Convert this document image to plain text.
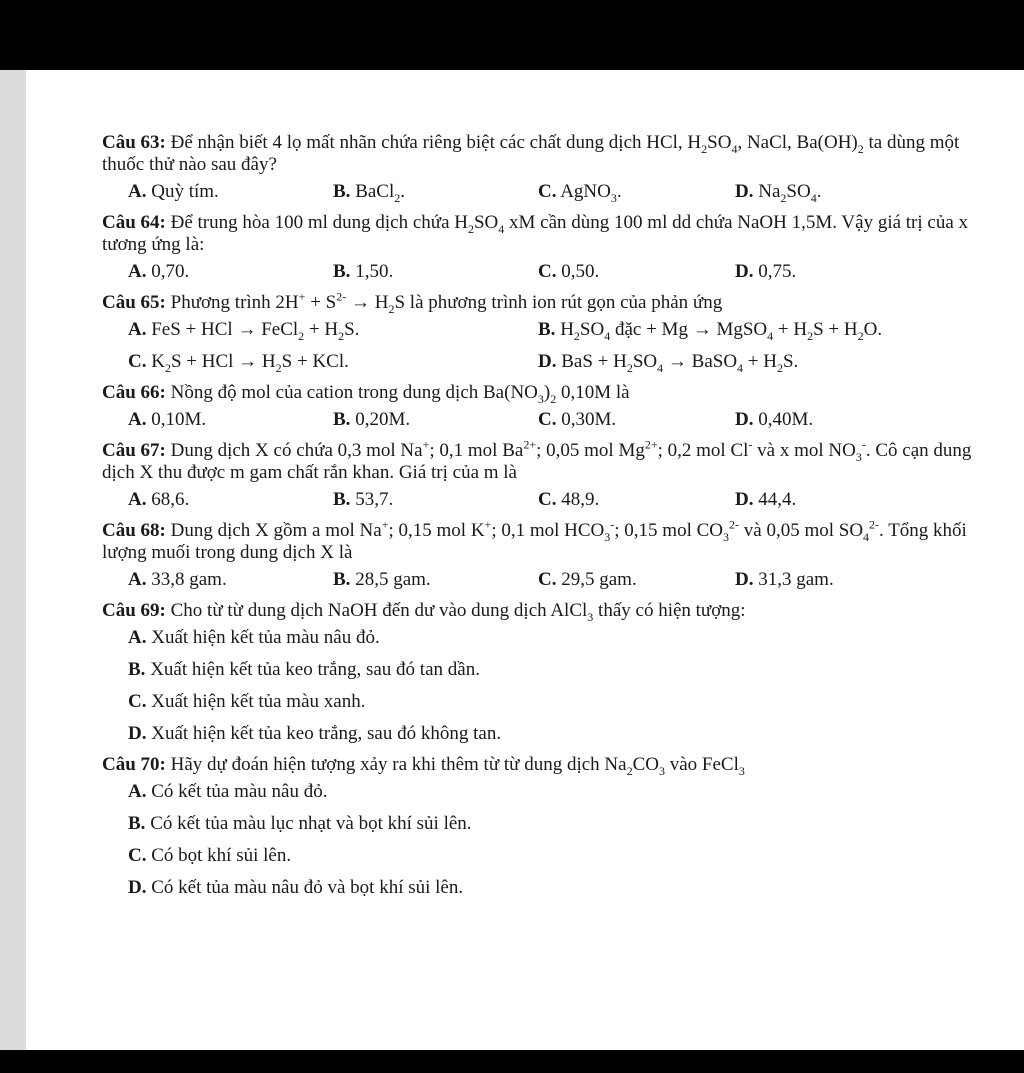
Câu 63: Để nhận biết 4 lọ mất nhãn chứa riêng biệt các chất dung dịch HCl, $H_2SO_4$, NaCl, $Ba(OH)_2$ ta dùng một thuốc thử nào sau đây?
A. Quỳ tím.	B. BaCl$_2$.	C. AgNO$_3$.	D. $Na_2SO_4$.
Câu 64: Để trung hòa 100 ml dung dịch chứa $H_2SO_4$ xM cần dùng 100 ml dd chứa NaOH 1,5M. Vậy giá trị của x tương ứng là:
A. 0,70.	B. 1,50.	C. 0,50.	D. 0,75.
Câu 65: Phương trình $2H^+ + S^{2-} \to H_2S$ là phương trình ion rút gọn của phản ứng
A. FeS + HCl → FeCl$_2$ + $H_2S$.	B. $H_2SO_4$ đặc + Mg → MgSO$_4$ + $H_2S + H_2O$.
C. $K_2S$ + HCl → $H_2S$ + KCl.	D. BaS + $H_2SO_4$ → BaSO$_4$ + $H_2S$.
Câu 66: Nồng độ mol của cation trong dung dịch $Ba(NO_3)_2$ 0,10M là
A. 0,10M.	B. 0,20M.	C. 0,30M.	D. 0,40M.
Câu 67: Dung dịch X có chứa 0,3 mol Na+; 0,1 mol $Ba^{2+}$; 0,05 mol $Mg^{2+}$; 0,2 mol Cl- và x mol $NO_3^-$. Cô cạn dung dịch X thu được m gam chất rắn khan. Giá trị của m là
A. 68,6.	B. 53,7.	C. 48,9.	D. 44,4.
Câu 68: Dung dịch X gồm a mol Na+; 0,15 mol K+; 0,1 mol $HCO_3^-$; 0,15 mol $CO_3^{2-}$ và 0,05 mol $SO_4^{2-}$. Tổng khối lượng muối trong dung dịch X là
A. 33,8 gam.	B. 28,5 gam.	C. 29,5 gam.	D. 31,3 gam.
Câu 69: Cho từ từ dung dịch NaOH đến dư vào dung dịch AlCl$_3$ thấy có hiện tượng:
A. Xuất hiện kết tủa màu nâu đỏ.
B. Xuất hiện kết tủa keo trắng, sau đó tan dần.
C. Xuất hiện kết tủa màu xanh.
D. Xuất hiện kết tủa keo trắng, sau đó không tan.
Câu 70: Hãy dự đoán hiện tượng xảy ra khi thêm từ từ dung dịch $Na_2CO_3$ vào FeCl$_3$
A. Có kết tủa màu nâu đỏ.
B. Có kết tủa màu lục nhạt và bọt khí sủi lên.
C. Có bọt khí sủi lên.
D. Có kết tủa màu nâu đỏ và bọt khí sủi lên.
